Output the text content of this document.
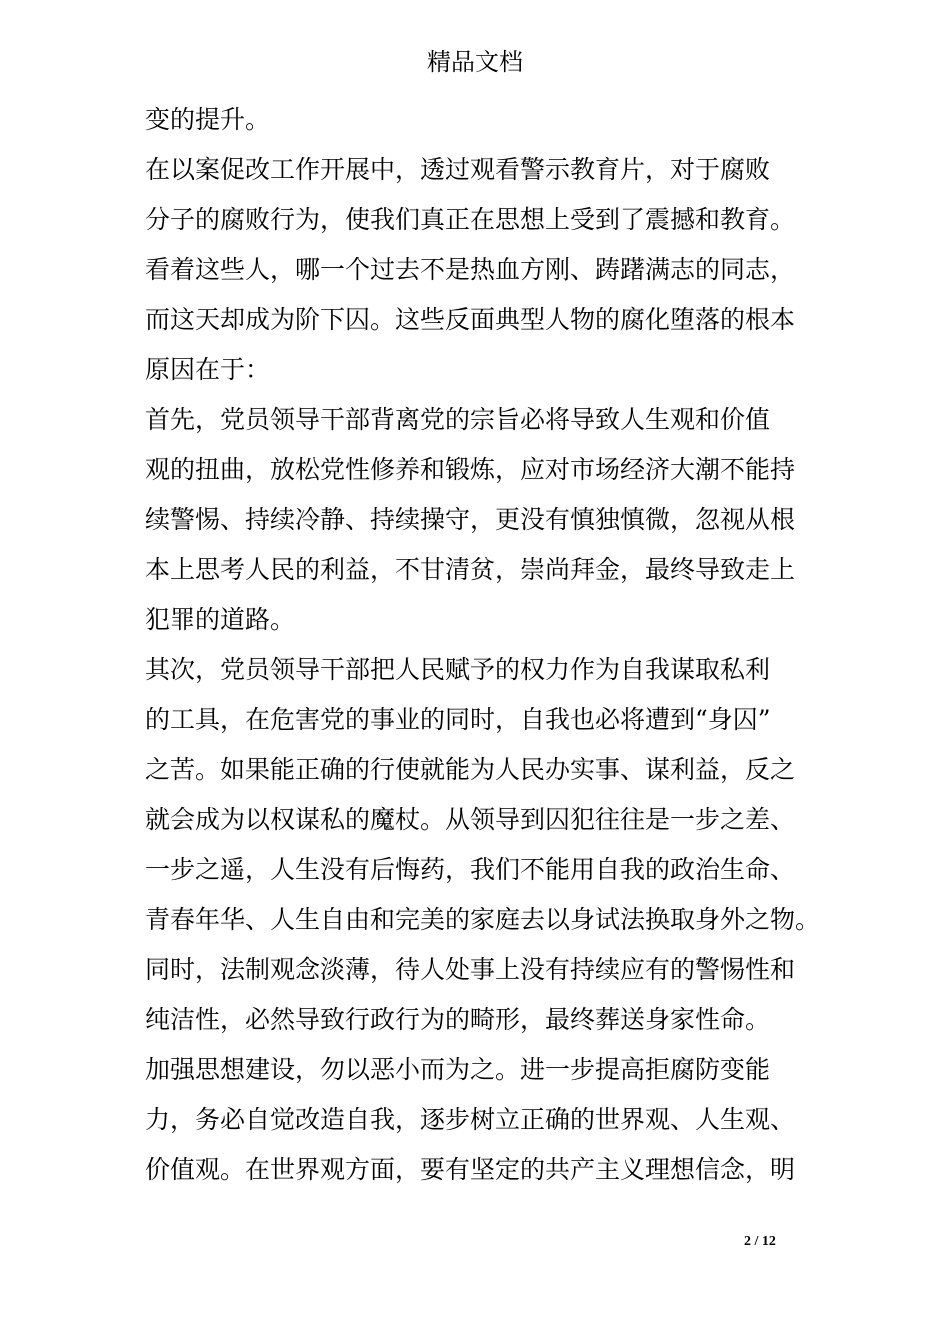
精品文档
变的提升。
在以案促改工作开展中，透过观看警示教育片，对于腐败
分子的腐败行为，使我们真正在思想上受到了震撼和教育。
看着这些人，哪一个过去不是热血方刚、踌躇满志的同志，
而这天却成为阶下囚。这些反面典型人物的腐化堕落的根本
原因在于：
首先，党员领导干部背离党的宗旨必将导致人生观和价值
观的扭曲，放松党性修养和锻炼，应对市场经济大潮不能持
续警惕、持续冷静、持续操守，更没有慎独慎微，忽视从根
本上思考人民的利益，不甘清贫，崇尚拜金，最终导致走上
犯罪的道路。
其次，党员领导干部把人民赋予的权力作为自我谋取私利
的工具，在危害党的事业的同时，自我也必将遭到“身囚”
之苦。如果能正确的行使就能为人民办实事、谋利益，反之
就会成为以权谋私的魔杖。从领导到囚犯往往是一步之差、
一步之遥，人生没有后悔药，我们不能用自我的政治生命、
青春年华、人生自由和完美的家庭去以身试法换取身外之物。
同时，法制观念淡薄，待人处事上没有持续应有的警惕性和
纯洁性，必然导致行政行为的畸形，最终葬送身家性命。
加强思想建设，勿以恶小而为之。进一步提高拒腐防变能
力，务必自觉改造自我，逐步树立正确的世界观、人生观、
价值观。在世界观方面，要有坚定的共产主义理想信念，明
2 / 12
